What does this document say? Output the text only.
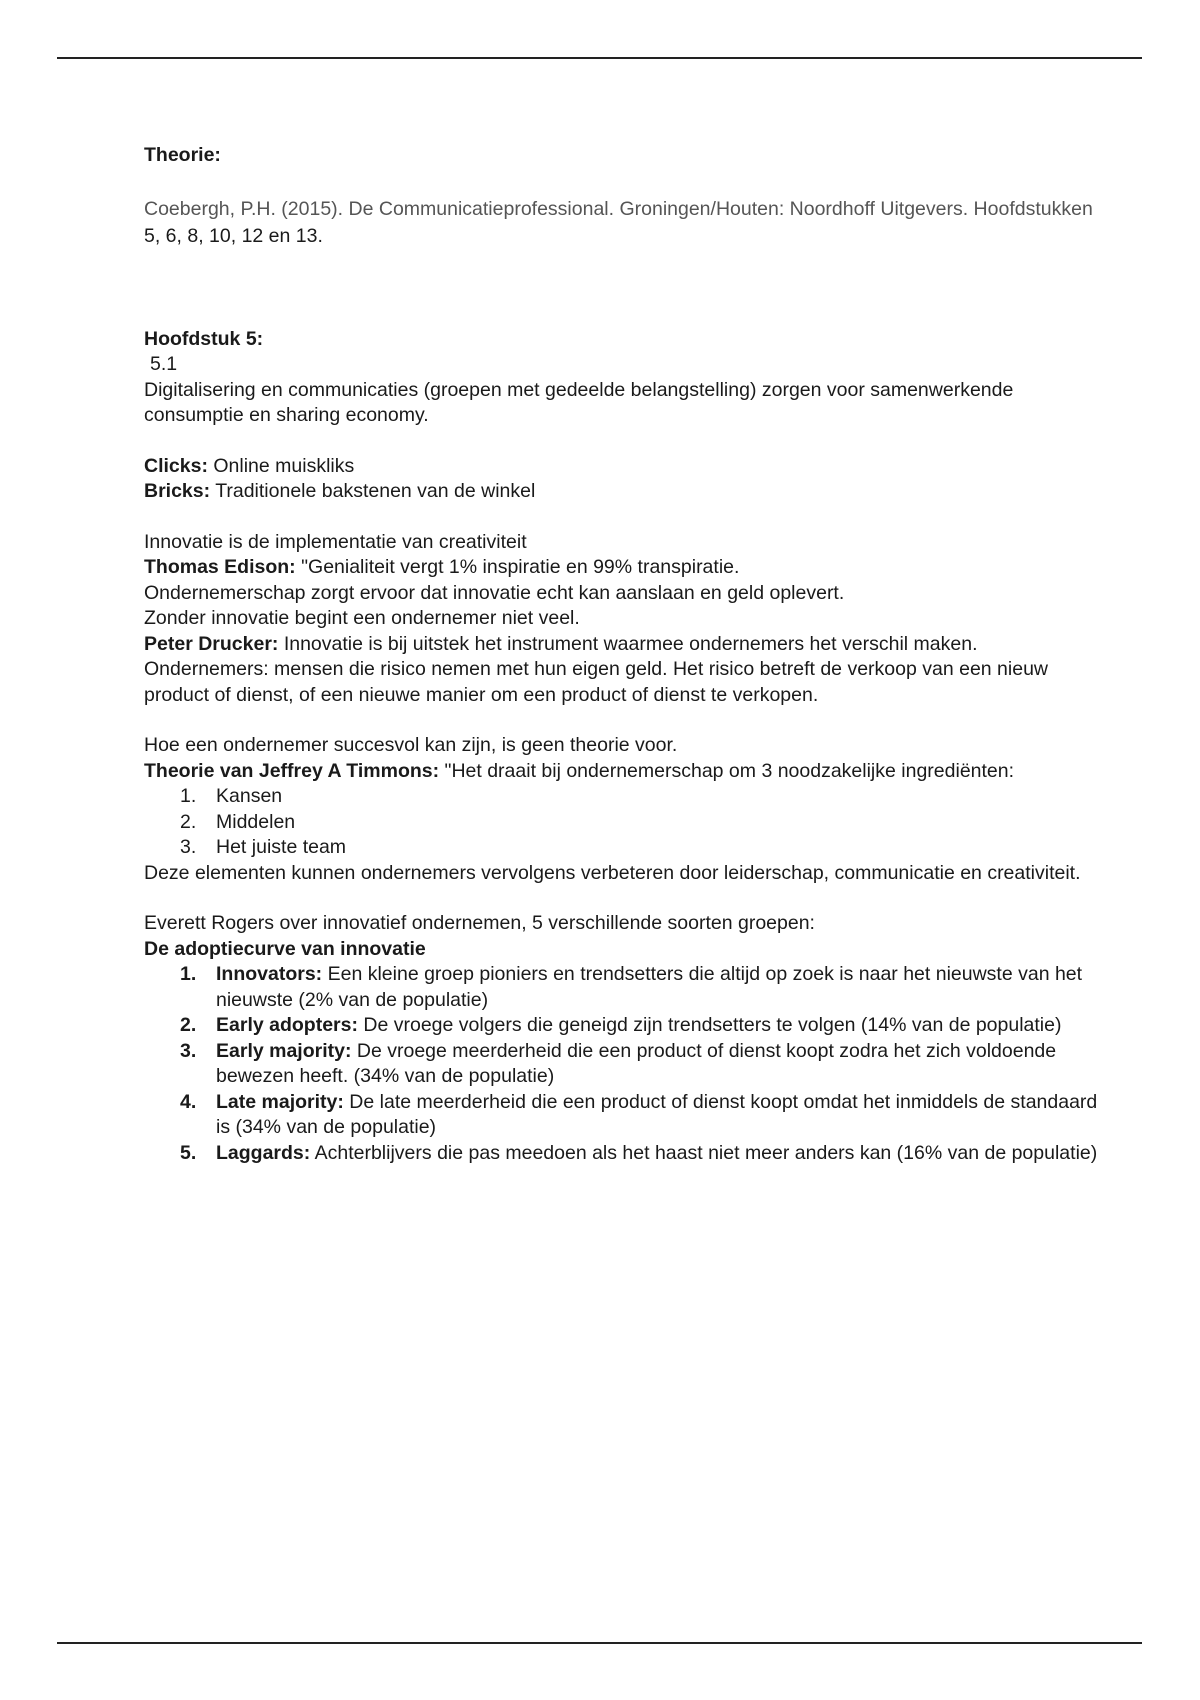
Theorie:

Coebergh, P.H. (2015). De Communicatieprofessional. Groningen/Houten: Noordhoff Uitgevers. Hoofdstukken 5, 6, 8, 10, 12 en 13.

Hoofdstuk 5:

5.1

Digitalisering en communicaties (groepen met gedeelde belangstelling) zorgen voor samenwerkende consumptie en sharing economy.

Clicks: Online muiskliks

Bricks: Traditionele bakstenen van de winkel

Innovatie is de implementatie van creativiteit

Thomas Edison: "Genialiteit vergt 1% inspiratie en 99% transpiratie.

Ondernemerschap zorgt ervoor dat innovatie echt kan aanslaan en geld oplevert.

Zonder innovatie begint een ondernemer niet veel.

Peter Drucker: Innovatie is bij uitstek het instrument waarmee ondernemers het verschil maken.

Ondernemers: mensen die risico nemen met hun eigen geld. Het risico betreft de verkoop van een nieuw product of dienst, of een nieuwe manier om een product of dienst te verkopen.

Hoe een ondernemer succesvol kan zijn, is geen theorie voor.

Theorie van Jeffrey A Timmons: "Het draait bij ondernemerschap om 3 noodzakelijke ingrediënten:

1.	Kansen
2.	Middelen
3.	Het juiste team

Deze elementen kunnen ondernemers vervolgens verbeteren door leiderschap, communicatie en creativiteit.

Everett Rogers over innovatief ondernemen, 5 verschillende soorten groepen:

De adoptiecurve van innovatie

1.	Innovators: Een kleine groep pioniers en trendsetters die altijd op zoek is naar het nieuwste van het nieuwste (2% van de populatie)
2.	Early adopters: De vroege volgers die geneigd zijn trendsetters te volgen (14% van de populatie)
3.	Early majority: De vroege meerderheid die een product of dienst koopt zodra het zich voldoende bewezen heeft. (34% van de populatie)
4.	Late majority: De late meerderheid die een product of dienst koopt omdat het inmiddels de standaard is (34% van de populatie)
5.	Laggards: Achterblijvers die pas meedoen als het haast niet meer anders kan (16% van de populatie)
